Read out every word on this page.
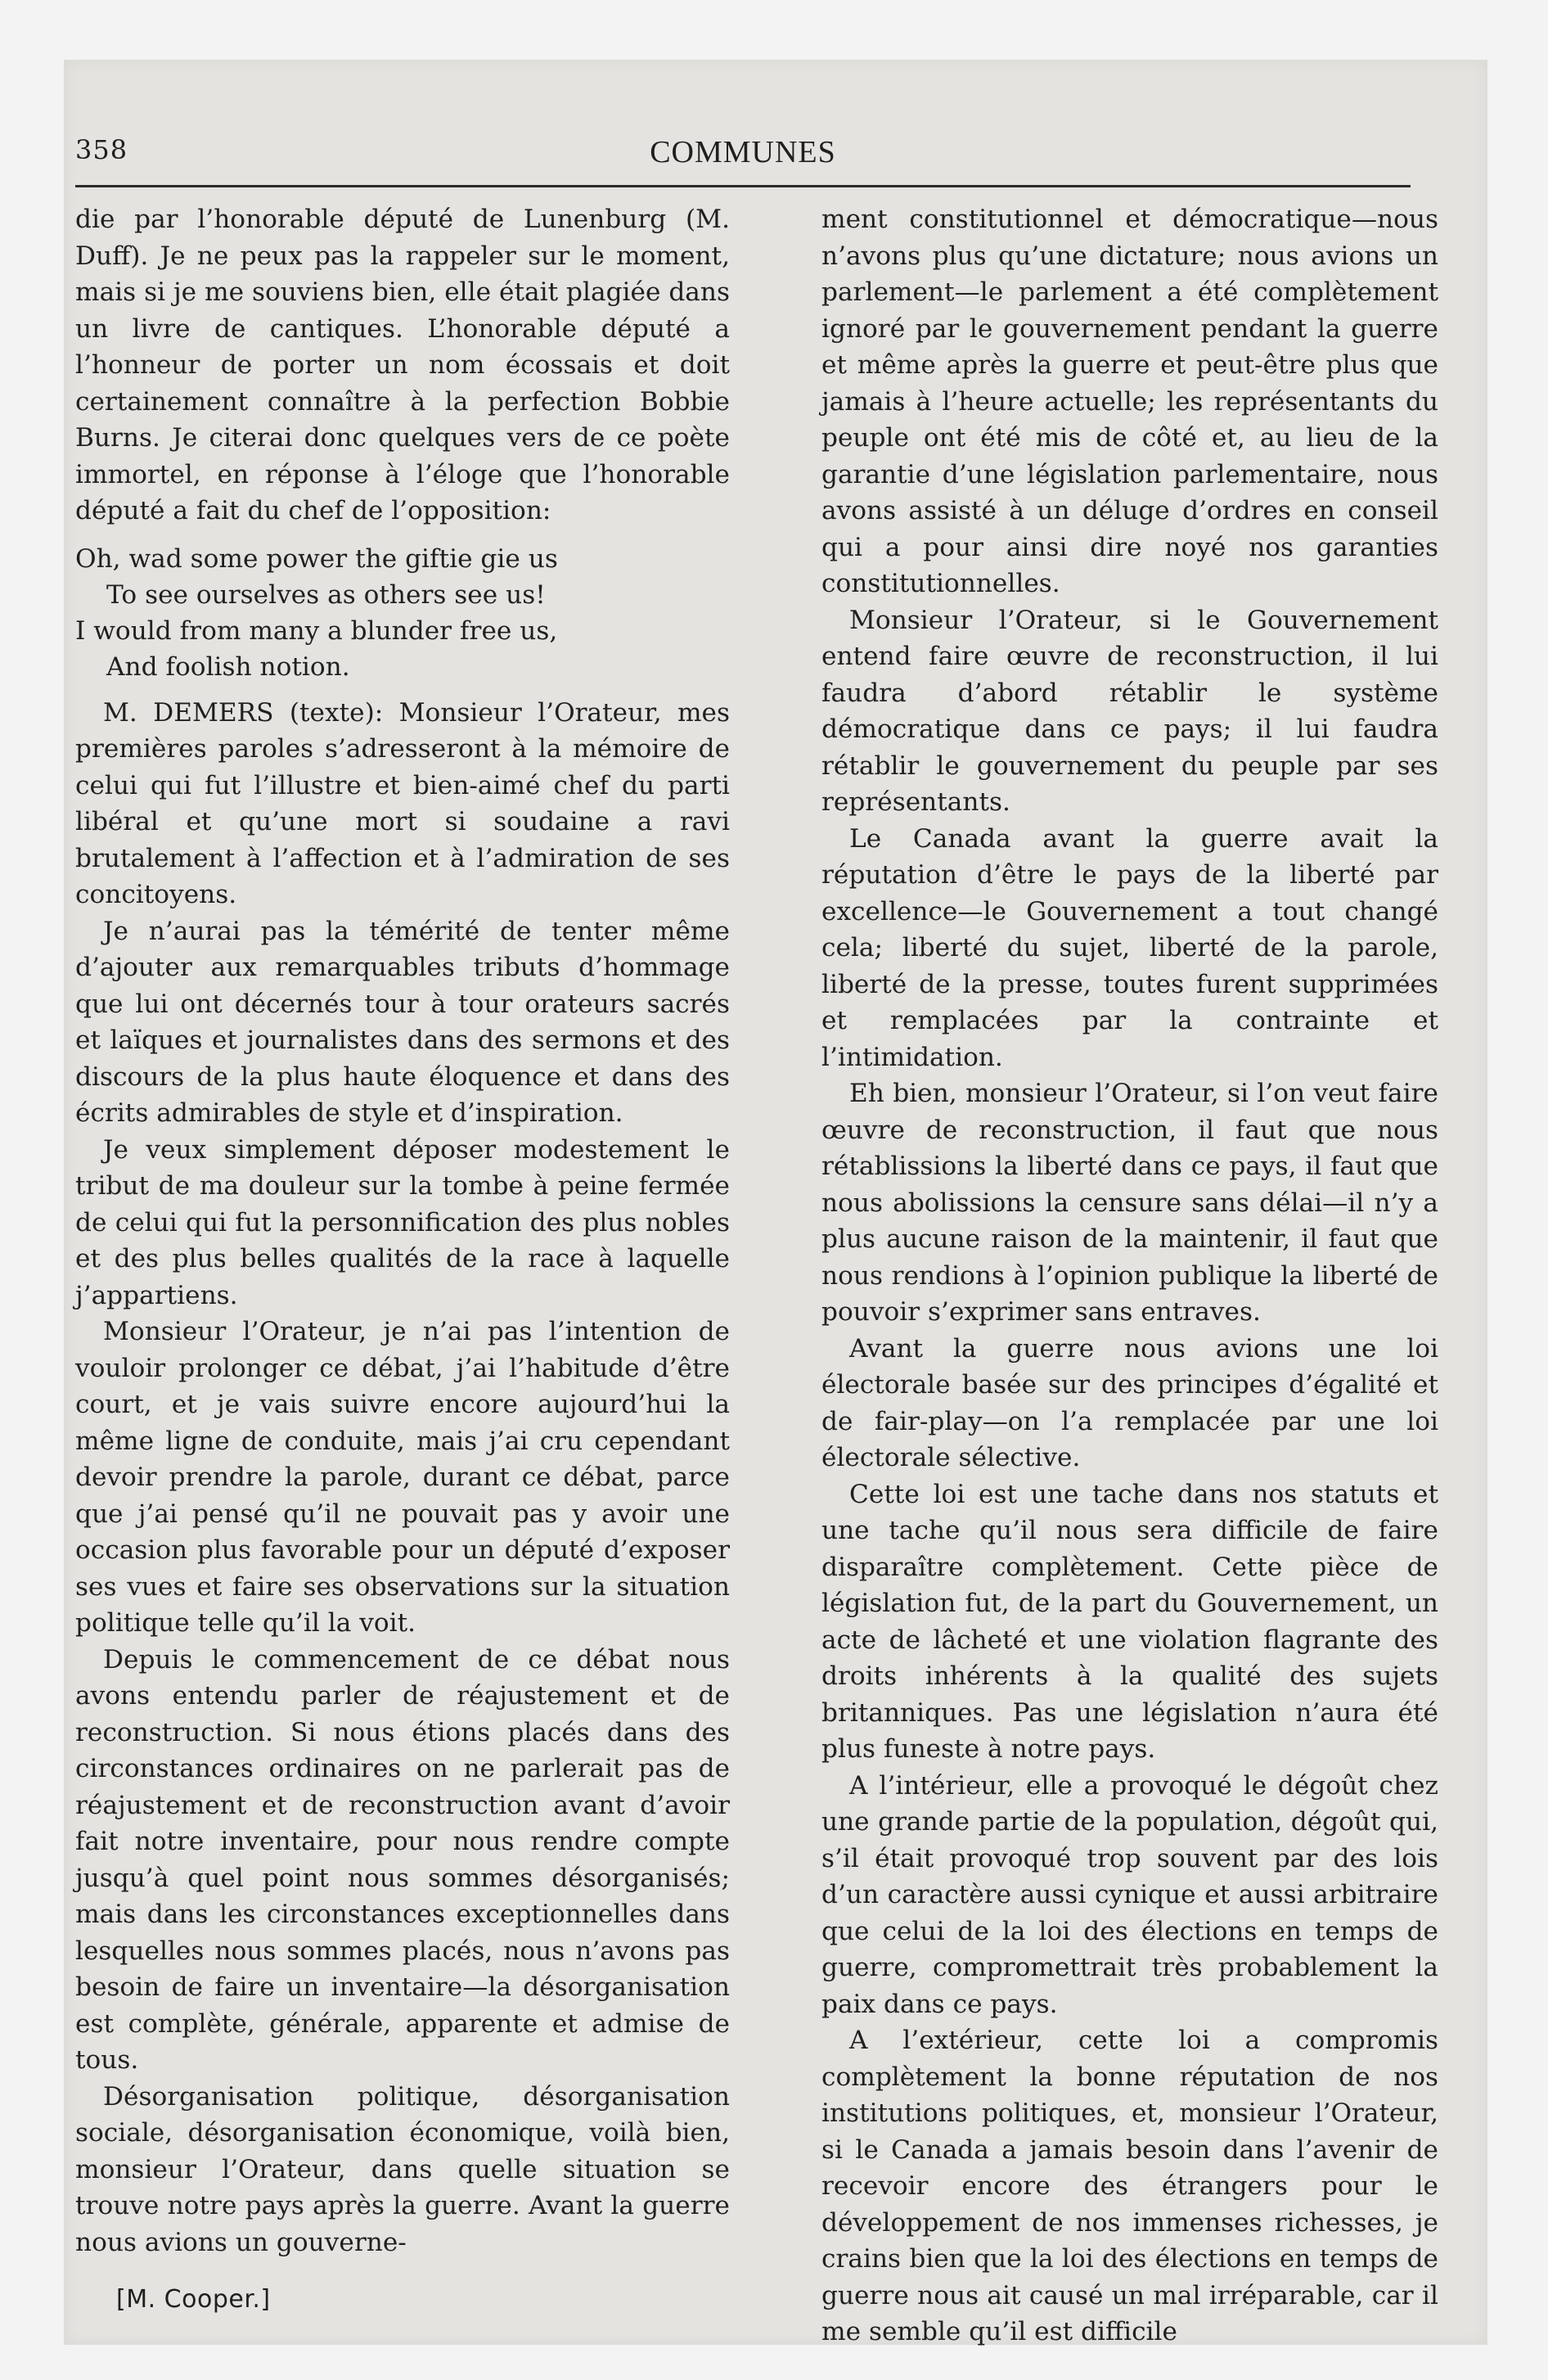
358	COMMUNES

die par l’honorable député de Lunenburg (M. Duff). Je ne peux pas la rappeler sur le moment, mais si je me souviens bien, elle était plagiée dans un livre de cantiques. L’honorable député a l’honneur de porter un nom écossais et doit certainement connaître à la perfection Bobbie Burns. Je citerai donc quelques vers de ce poète immortel, en réponse à l’éloge que l’honorable député a fait du chef de l’opposition:

Oh, wad some power the giftie gie us

To see ourselves as others see us!

I would from many a blunder free us,

And foolish notion.

M. DEMERS (texte): Monsieur l’Orateur, mes premières paroles s’adresseront à la mémoire de celui qui fut l’illustre et bien-aimé chef du parti libéral et qu’une mort si soudaine a ravi brutalement à l’affection et à l’admiration de ses concitoyens.

Je n’aurai pas la témérité de tenter même d’ajouter aux remarquables tributs d’hommage que lui ont décernés tour à tour orateurs sacrés et laïques et journalistes dans des sermons et des discours de la plus haute éloquence et dans des écrits admirables de style et d’inspiration.

Je veux simplement déposer modestement le tribut de ma douleur sur la tombe à peine fermée de celui qui fut la personnification des plus nobles et des plus belles qualités de la race à laquelle j’appartiens.

Monsieur l’Orateur, je n’ai pas l’intention de vouloir prolonger ce débat, j’ai l’habitude d’être court, et je vais suivre encore aujourd’hui la même ligne de conduite, mais j’ai cru cependant devoir prendre la parole, durant ce débat, parce que j’ai pensé qu’il ne pouvait pas y avoir une occasion plus favorable pour un député d’exposer ses vues et faire ses observations sur la situation politique telle qu’il la voit.

Depuis le commencement de ce débat nous avons entendu parler de réajustement et de reconstruction. Si nous étions placés dans des circonstances ordinaires on ne parlerait pas de réajustement et de reconstruction avant d’avoir fait notre inventaire, pour nous rendre compte jusqu’à quel point nous sommes désorganisés; mais dans les circonstances exceptionnelles dans lesquelles nous sommes placés, nous n’avons pas besoin de faire un inventaire—la désorganisation est complète, générale, apparente et admise de tous.

Désorganisation politique, désorganisation sociale, désorganisation économique, voilà bien, monsieur l’Orateur, dans quelle situation se trouve notre pays après la guerre. Avant la guerre nous avions un gouverne-

ment constitutionnel et démocratique—nous n’avons plus qu’une dictature; nous avions un parlement—le parlement a été complètement ignoré par le gouvernement pendant la guerre et même après la guerre et peut-être plus que jamais à l’heure actuelle; les représentants du peuple ont été mis de côté et, au lieu de la garantie d’une législation parlementaire, nous avons assisté à un déluge d’ordres en conseil qui a pour ainsi dire noyé nos garanties constitutionnelles.

Monsieur l’Orateur, si le Gouvernement entend faire œuvre de reconstruction, il lui faudra d’abord rétablir le système démocratique dans ce pays; il lui faudra rétablir le gouvernement du peuple par ses représentants.

Le Canada avant la guerre avait la réputation d’être le pays de la liberté par excellence—le Gouvernement a tout changé cela; liberté du sujet, liberté de la parole, liberté de la presse, toutes furent supprimées et remplacées par la contrainte et l’intimidation.

Eh bien, monsieur l’Orateur, si l’on veut faire œuvre de reconstruction, il faut que nous rétablissions la liberté dans ce pays, il faut que nous abolissions la censure sans délai—il n’y a plus aucune raison de la maintenir, il faut que nous rendions à l’opinion publique la liberté de pouvoir s’exprimer sans entraves.

Avant la guerre nous avions une loi électorale basée sur des principes d’égalité et de fair-play—on l’a remplacée par une loi électorale sélective.

Cette loi est une tache dans nos statuts et une tache qu’il nous sera difficile de faire disparaître complètement. Cette pièce de législation fut, de la part du Gouvernement, un acte de lâcheté et une violation flagrante des droits inhérents à la qualité des sujets britanniques. Pas une législation n’aura été plus funeste à notre pays.

A l’intérieur, elle a provoqué le dégoût chez une grande partie de la population, dégoût qui, s’il était provoqué trop souvent par des lois d’un caractère aussi cynique et aussi arbitraire que celui de la loi des élections en temps de guerre, compromettrait très probablement la paix dans ce pays.

A l’extérieur, cette loi a compromis complètement la bonne réputation de nos institutions politiques, et, monsieur l’Orateur, si le Canada a jamais besoin dans l’avenir de recevoir encore des étrangers pour le développement de nos immenses richesses, je crains bien que la loi des élections en temps de guerre nous ait causé un mal irréparable, car il me semble qu’il est difficile

[M. Cooper.]
